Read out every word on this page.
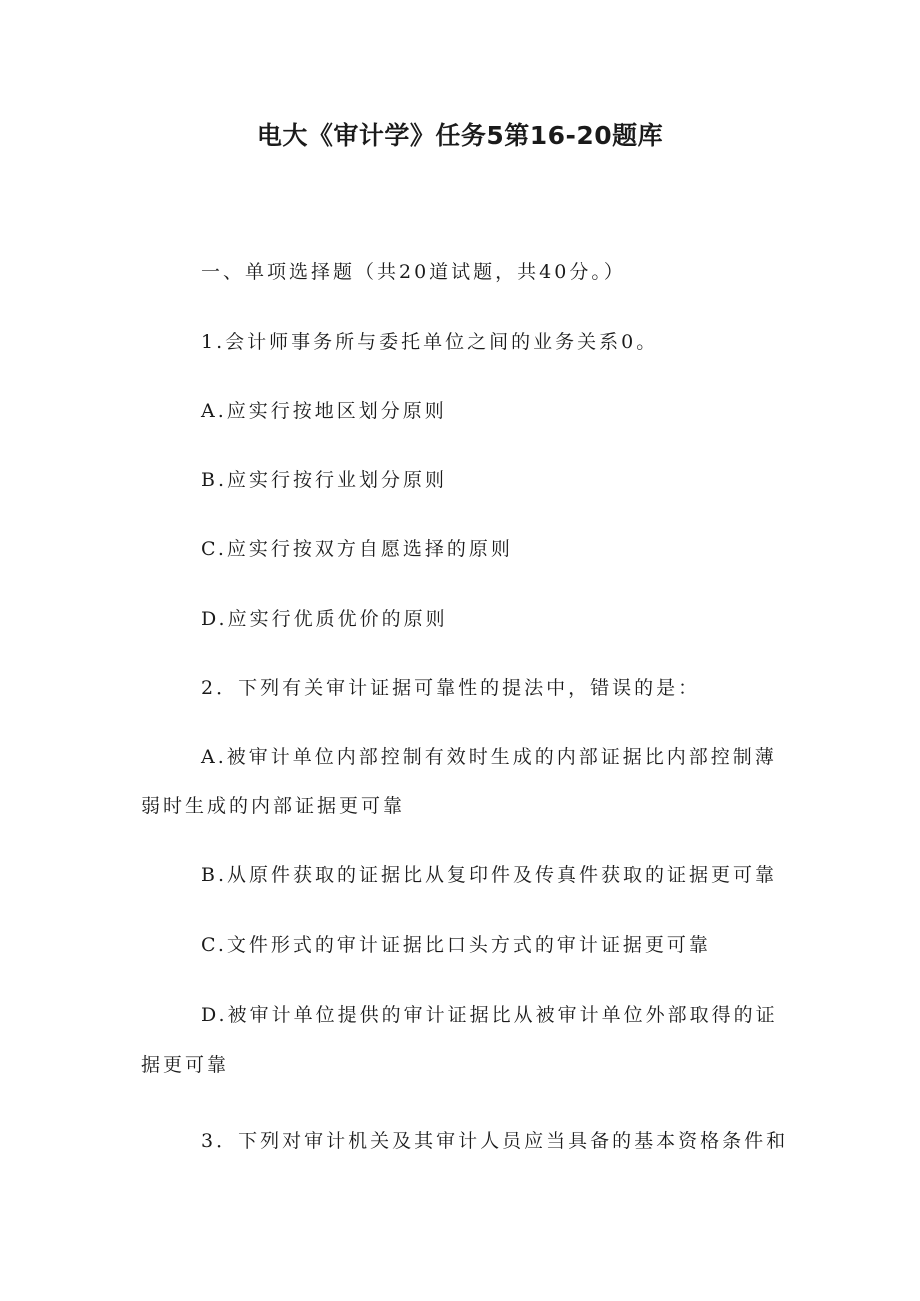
电大《审计学》任务5第16-20题库

一、单项选择题（共20道试题，共40分。）

1.会计师事务所与委托单位之间的业务关系0。

A.应实行按地区划分原则

B.应实行按行业划分原则

C.应实行按双方自愿选择的原则

D.应实行优质优价的原则

2．下列有关审计证据可靠性的提法中，错误的是：

A.被审计单位内部控制有效时生成的内部证据比内部控制薄

弱时生成的内部证据更可靠

B.从原件获取的证据比从复印件及传真件获取的证据更可靠

C.文件形式的审计证据比口头方式的审计证据更可靠

D.被审计单位提供的审计证据比从被审计单位外部取得的证

据更可靠

3．下列对审计机关及其审计人员应当具备的基本资格条件和
